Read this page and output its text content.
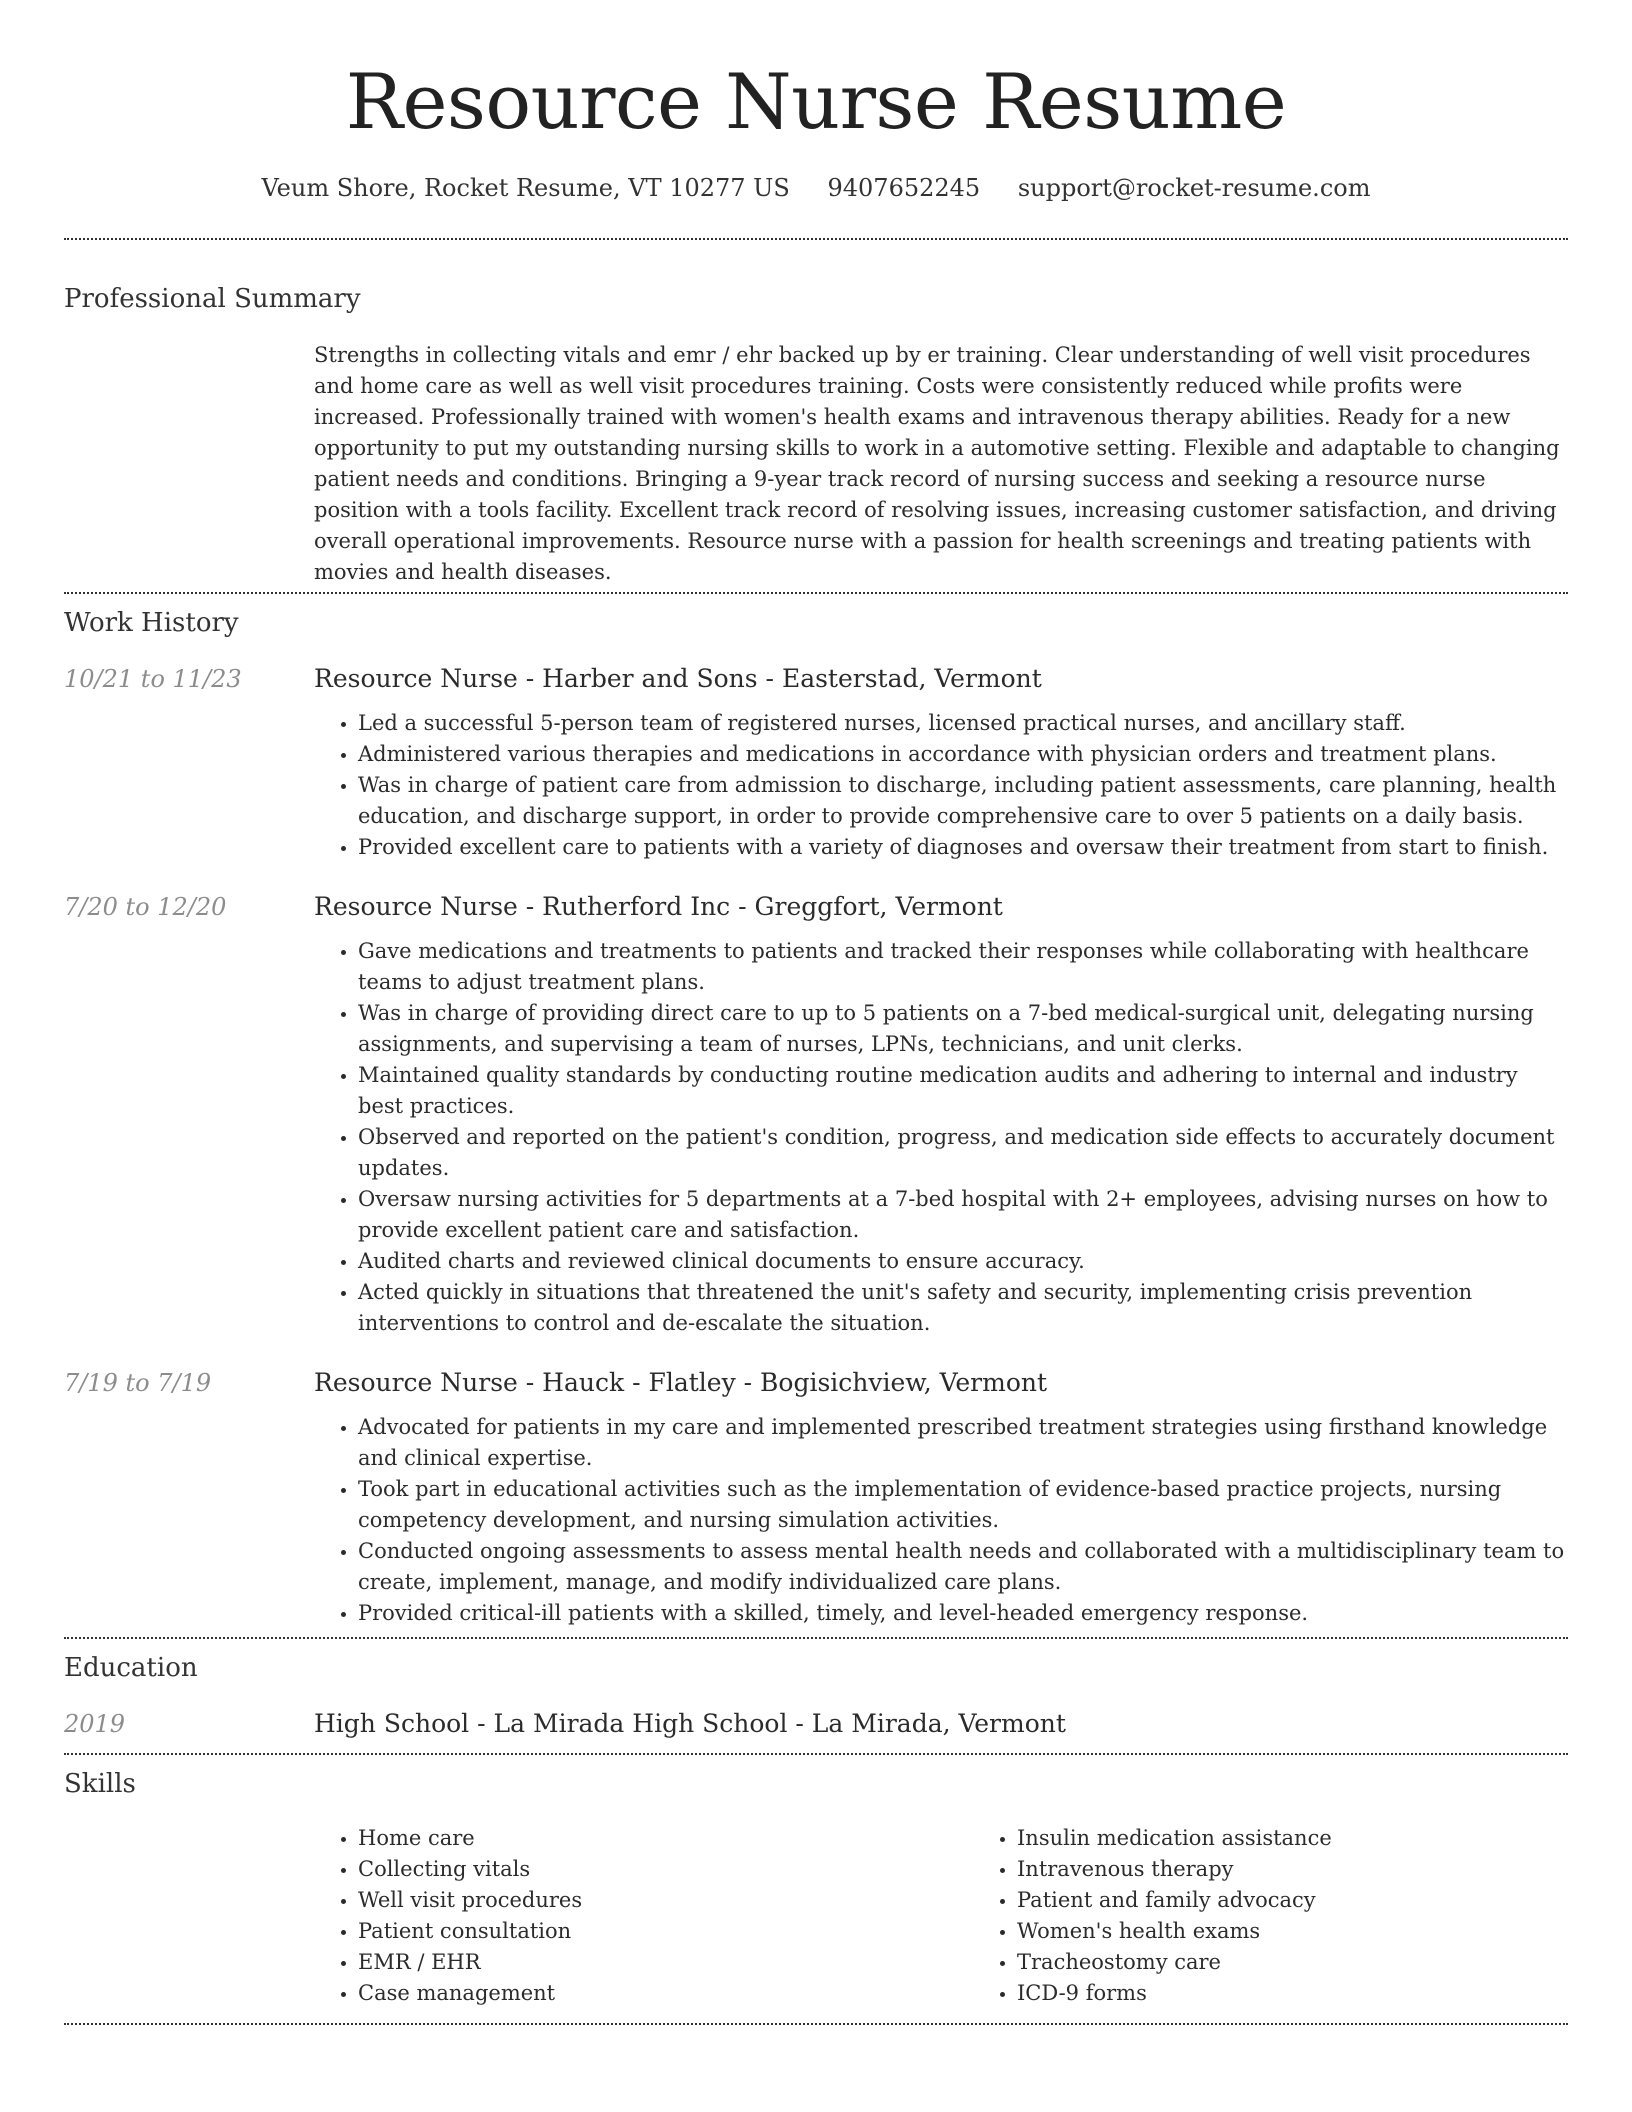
Resource Nurse Resume
Veum Shore, Rocket Resume, VT 10277 US 9407652245 support@rocket-resume.com
Professional Summary
Strengths in collecting vitals and emr / ehr backed up by er training. Clear understanding of well visit procedures and home care as well as well visit procedures training. Costs were consistently reduced while profits were increased. Professionally trained with women's health exams and intravenous therapy abilities. Ready for a new opportunity to put my outstanding nursing skills to work in a automotive setting. Flexible and adaptable to changing patient needs and conditions. Bringing a 9-year track record of nursing success and seeking a resource nurse position with a tools facility. Excellent track record of resolving issues, increasing customer satisfaction, and driving overall operational improvements. Resource nurse with a passion for health screenings and treating patients with movies and health diseases.
Work History
10/21 to 11/23	Resource Nurse - Harber and Sons - Easterstad, Vermont
• Led a successful 5-person team of registered nurses, licensed practical nurses, and ancillary staff.
• Administered various therapies and medications in accordance with physician orders and treatment plans.
• Was in charge of patient care from admission to discharge, including patient assessments, care planning, health education, and discharge support, in order to provide comprehensive care to over 5 patients on a daily basis.
• Provided excellent care to patients with a variety of diagnoses and oversaw their treatment from start to finish.
7/20 to 12/20	Resource Nurse - Rutherford Inc - Greggfort, Vermont
• Gave medications and treatments to patients and tracked their responses while collaborating with healthcare teams to adjust treatment plans.
• Was in charge of providing direct care to up to 5 patients on a 7-bed medical-surgical unit, delegating nursing assignments, and supervising a team of nurses, LPNs, technicians, and unit clerks.
• Maintained quality standards by conducting routine medication audits and adhering to internal and industry best practices.
• Observed and reported on the patient's condition, progress, and medication side effects to accurately document updates.
• Oversaw nursing activities for 5 departments at a 7-bed hospital with 2+ employees, advising nurses on how to provide excellent patient care and satisfaction.
• Audited charts and reviewed clinical documents to ensure accuracy.
• Acted quickly in situations that threatened the unit's safety and security, implementing crisis prevention interventions to control and de-escalate the situation.
7/19 to 7/19	Resource Nurse - Hauck - Flatley - Bogisichview, Vermont
• Advocated for patients in my care and implemented prescribed treatment strategies using firsthand knowledge and clinical expertise.
• Took part in educational activities such as the implementation of evidence-based practice projects, nursing competency development, and nursing simulation activities.
• Conducted ongoing assessments to assess mental health needs and collaborated with a multidisciplinary team to create, implement, manage, and modify individualized care plans.
• Provided critical-ill patients with a skilled, timely, and level-headed emergency response.
Education
2019	High School - La Mirada High School - La Mirada, Vermont
Skills
• Home care
• Collecting vitals
• Well visit procedures
• Patient consultation
• EMR / EHR
• Case management
• Insulin medication assistance
• Intravenous therapy
• Patient and family advocacy
• Women's health exams
• Tracheostomy care
• ICD-9 forms
